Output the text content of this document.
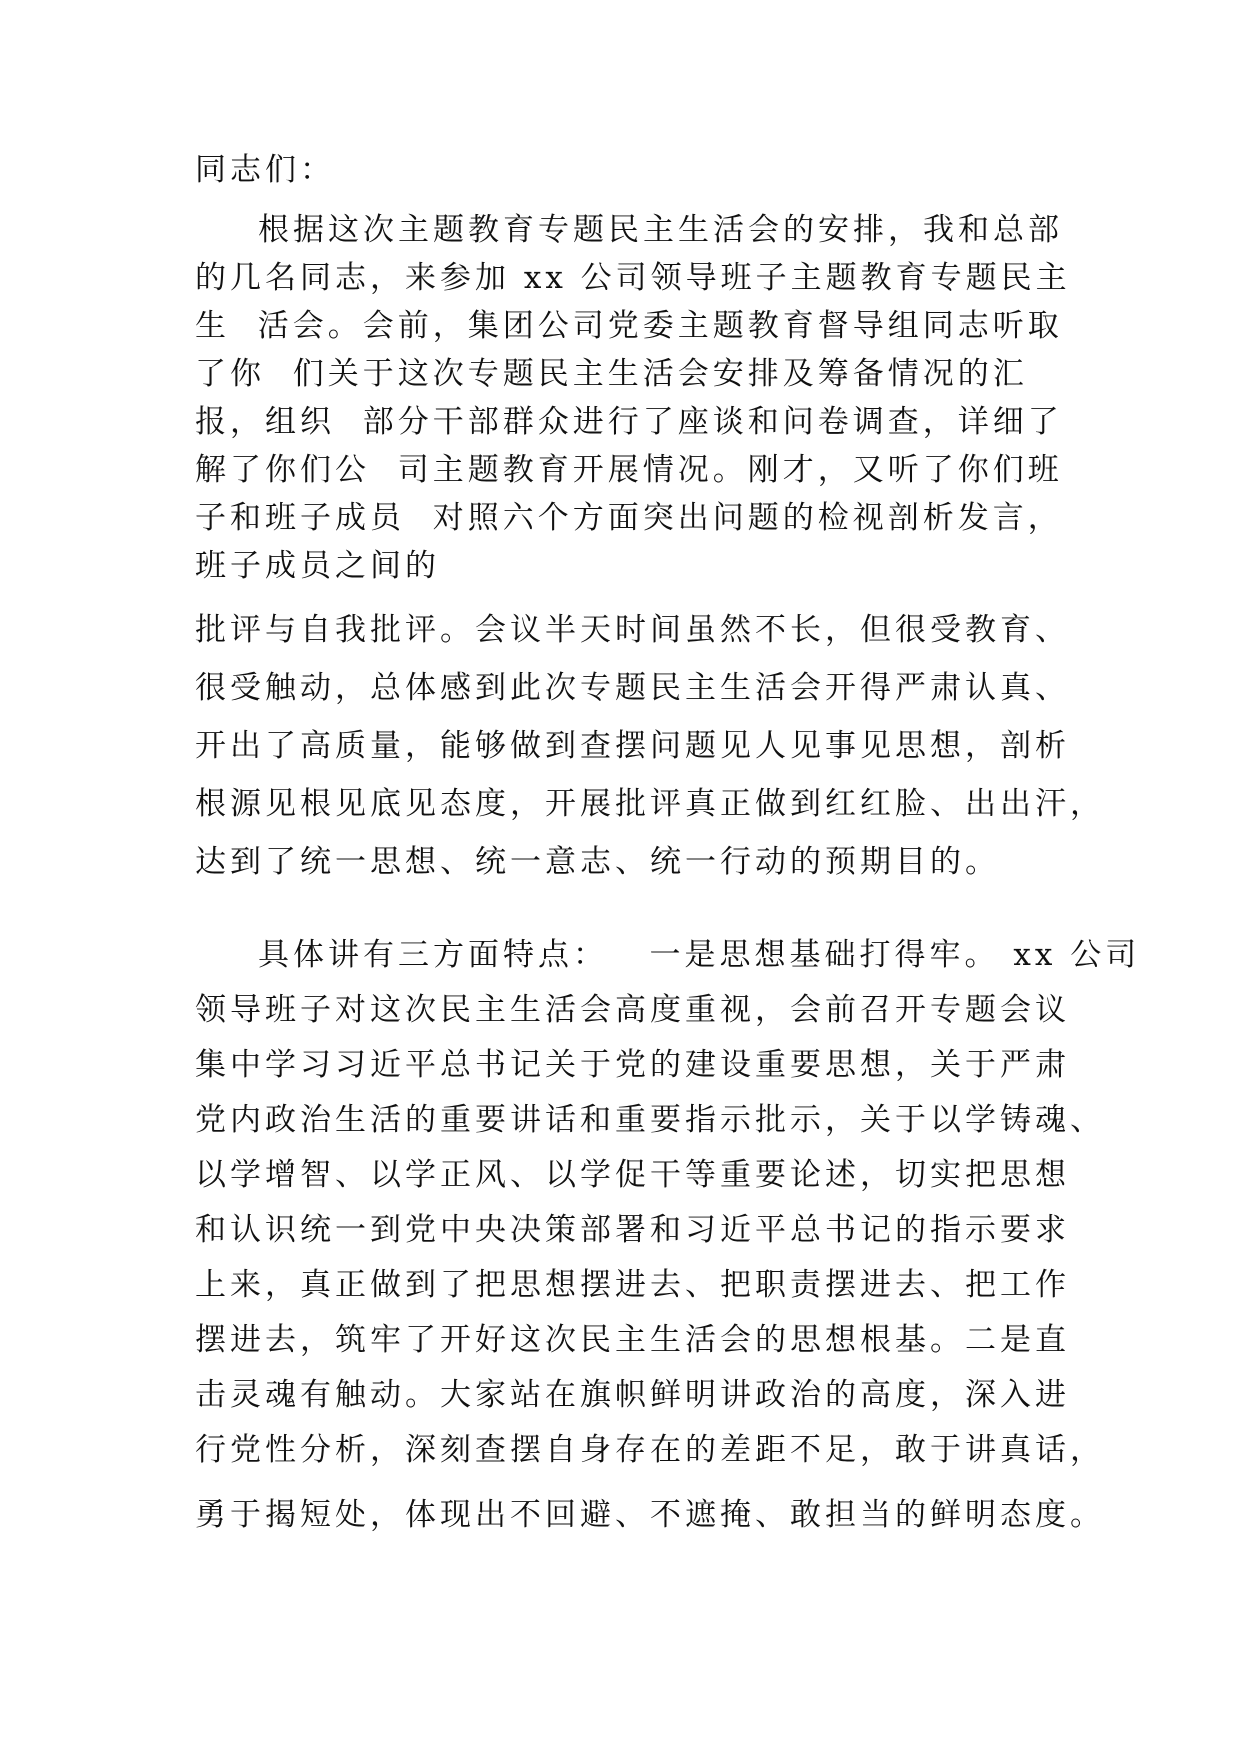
同志们：

根据这次主题教育专题民主生活会的安排，我和总部

的几名同志，来参加 xx 公司领导班子主题教育专题民主

生  活会。会前，集团公司党委主题教育督导组同志听取

了你  们关于这次专题民主生活会安排及筹备情况的汇

报，组织  部分干部群众进行了座谈和问卷调查，详细了

解了你们公  司主题教育开展情况。刚才，又听了你们班

子和班子成员  对照六个方面突出问题的检视剖析发言，

班子成员之间的

批评与自我批评。会议半天时间虽然不长，但很受教育、

很受触动，总体感到此次专题民主生活会开得严肃认真、

开出了高质量，能够做到查摆问题见人见事见思想，剖析

根源见根见底见态度，开展批评真正做到红红脸、出出汗，

达到了统一思想、统一意志、统一行动的预期目的。

具体讲有三方面特点：   一是思想基础打得牢。 xx 公司

领导班子对这次民主生活会高度重视，会前召开专题会议

集中学习习近平总书记关于党的建设重要思想，关于严肃

党内政治生活的重要讲话和重要指示批示，关于以学铸魂、

以学增智、以学正风、以学促干等重要论述，切实把思想

和认识统一到党中央决策部署和习近平总书记的指示要求

上来，真正做到了把思想摆进去、把职责摆进去、把工作

摆进去，筑牢了开好这次民主生活会的思想根基。二是直

击灵魂有触动。大家站在旗帜鲜明讲政治的高度，深入进

行党性分析，深刻查摆自身存在的差距不足，敢于讲真话，

勇于揭短处，体现出不回避、不遮掩、敢担当的鲜明态度。
